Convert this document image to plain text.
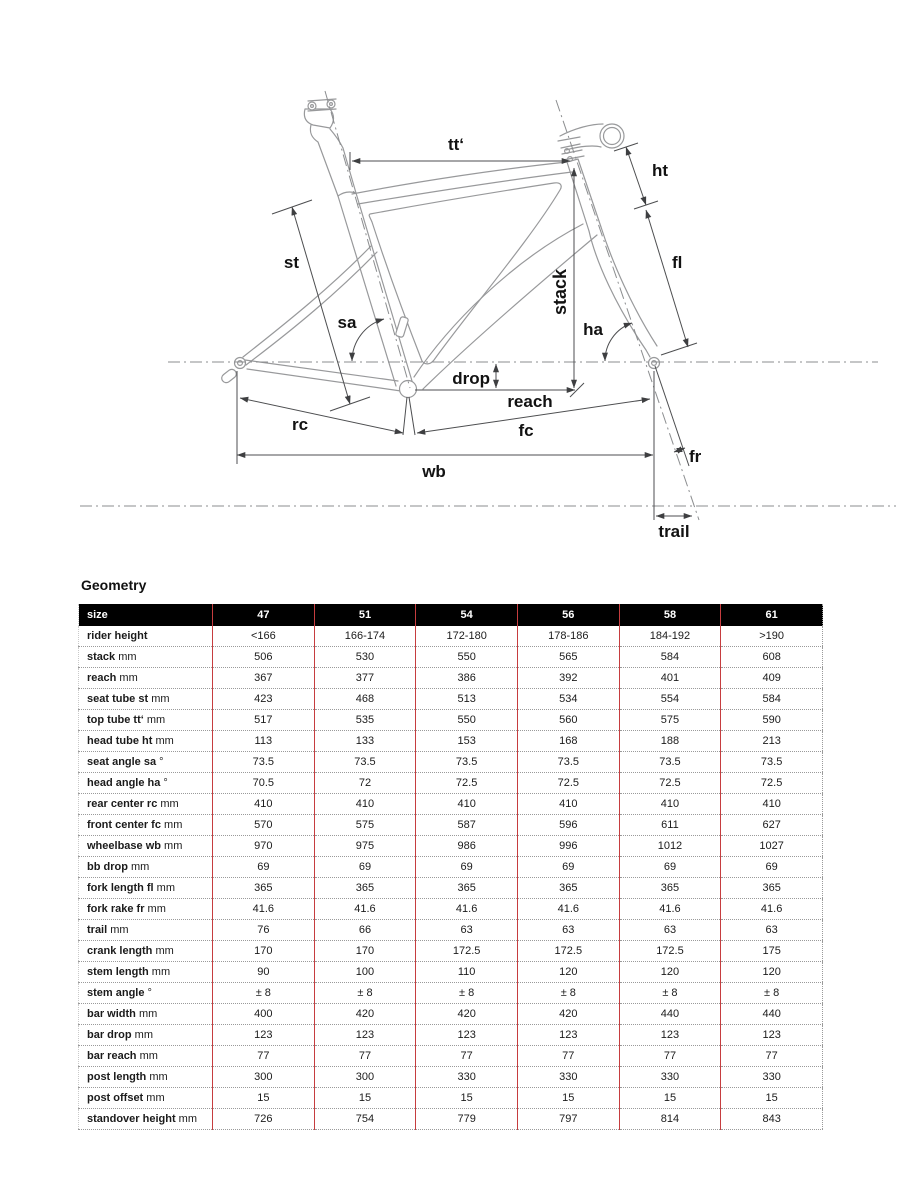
tt‘
ht
st	fl
stack
sa	ha
drop
reach
rc	fc
wb
fr
trail
Geometry
size	47	51	54	56	58	61
rider height	<166	166-174	172-180	178-186	184-192	>190
stack mm	506	530	550	565	584	608
reach mm	367	377	386	392	401	409
seat tube st mm	423	468	513	534	554	584
top tube tt‘ mm	517	535	550	560	575	590
head tube ht mm	113	133	153	168	188	213
seat angle sa °	73.5	73.5	73.5	73.5	73.5	73.5
head angle ha °	70.5	72	72.5	72.5	72.5	72.5
rear center rc mm	410	410	410	410	410	410
front center fc mm	570	575	587	596	611	627
wheelbase wb mm	970	975	986	996	1012	1027
bb drop mm	69	69	69	69	69	69
fork length fl mm	365	365	365	365	365	365
fork rake fr mm	41.6	41.6	41.6	41.6	41.6	41.6
trail mm	76	66	63	63	63	63
crank length mm	170	170	172.5	172.5	172.5	175
stem length mm	90	100	110	120	120	120
stem angle °	± 8	± 8	± 8	± 8	± 8	± 8
bar width mm	400	420	420	420	440	440
bar drop mm	123	123	123	123	123	123
bar reach mm	77	77	77	77	77	77
post length mm	300	300	330	330	330	330
post offset mm	15	15	15	15	15	15
standover height mm	726	754	779	797	814	843
